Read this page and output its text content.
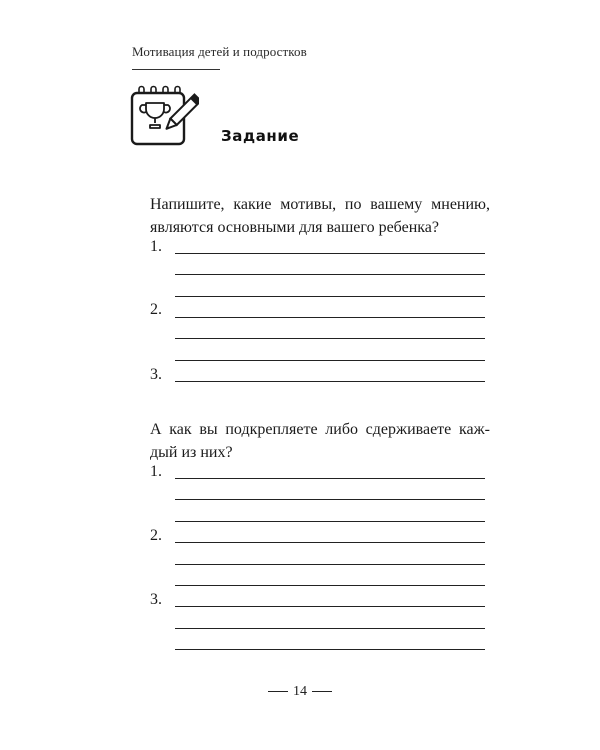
Мотивация детей и подростков
Задание
Напишите, какие мотивы, по вашему мнению,
являются основными для вашего ребенка?
1.
2.
3.
А как вы подкрепляете либо сдерживаете каж-
дый из них?
1.
2.
3.
14
